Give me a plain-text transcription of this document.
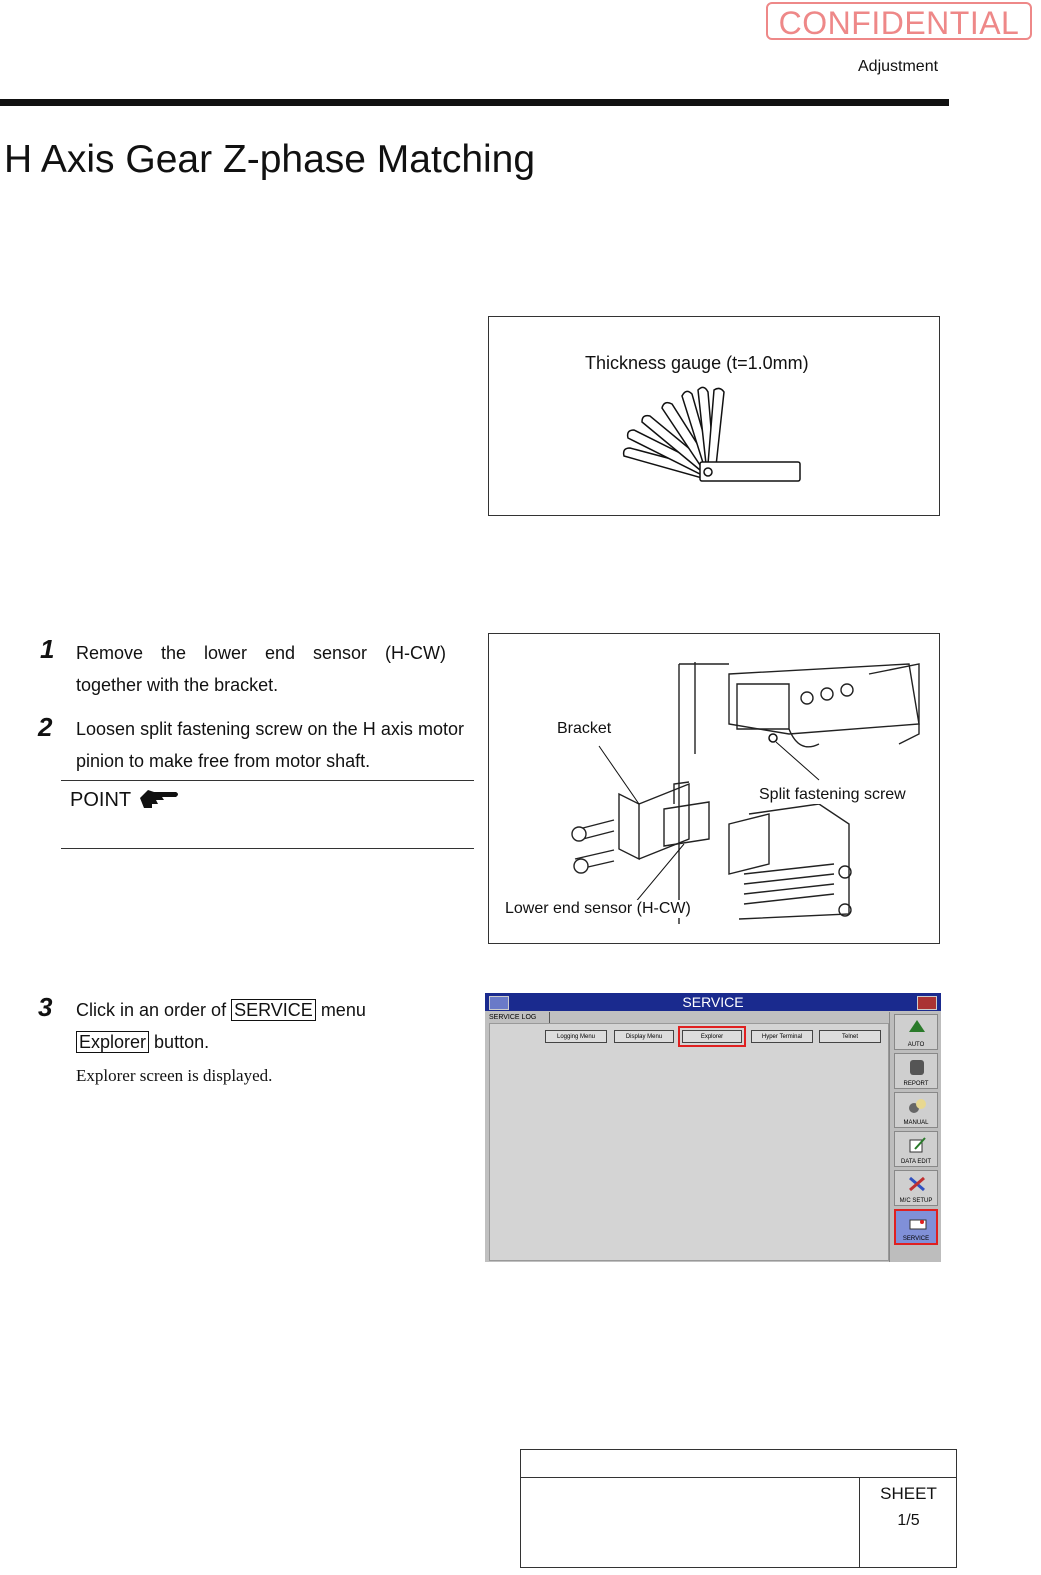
CONFIDENTIAL
Adjustment
H Axis Gear Z-phase Matching
Thickness gauge (t=1.0mm)
1 Remove the lower end sensor (H-CW) together with the bracket.
2 Loosen split fastening screw on the H axis motor pinion to make free from motor shaft.
POINT
Bracket
Split fastening screw
Lower end sensor (H-CW)
3 Click in an order of SERVICE menu
Explorer button.
Explorer screen is displayed.
SERVICE
SERVICE LOG
Logging Menu	Display Menu	Explorer	Hyper Terminal	Telnet
AUTO
REPORT
MANUAL
DATA EDIT
M/C SETUP
SERVICE
SHEET
1/5
